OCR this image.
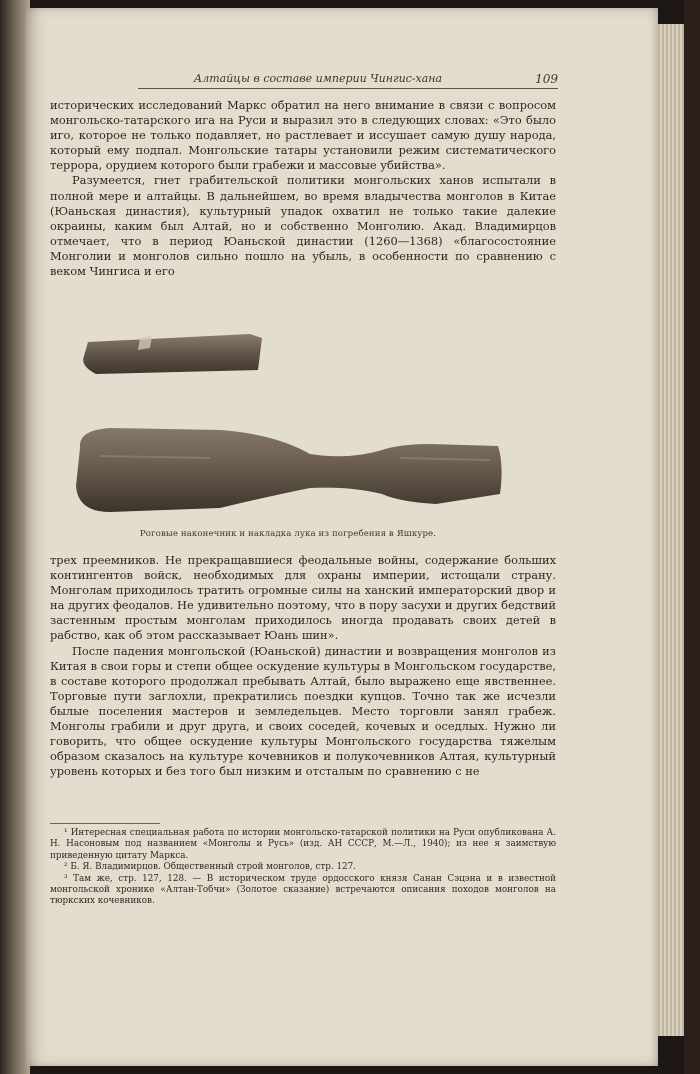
Алтайцы в составе империи Чингис-хана	109

исторических исследований Маркс обратил на него внимание в связи с вопросом монгольско-татарского ига на Руси и выразил это в следующих словах: «Это было иго, которое не только подавляет, но растлевает и иссушает самую душу народа, который ему подпал. Монгольские татары установили режим систематического террора, орудием которого были грабежи и массовые убийства».

Разумеется, гнет грабительской политики монгольских ханов испытали в полной мере и алтайцы. В дальнейшем, во время владычества монголов в Китае (Юаньская династия), культурный упадок охватил не только такие далекие окраины, каким был Алтай, но и собственно Монголию. Акад. Владимирцов отмечает, что в период Юаньской династии (1260—1368) «благосостояние Монголии и монголов сильно пошло на убыль, в особенности по сравнению с веком Чингиса и его

Роговые наконечник и накладка лука из погребения в Яшкуре.

трех преемников. Не прекращавшиеся феодальные войны, содержание больших контингентов войск, необходимых для охраны империи, истощали страну. Монголам приходилось тратить огромные силы на ханский императорский двор и на других феодалов. Не удивительно поэтому, что в пору засухи и других бедствий застенным простым монголам приходилось иногда продавать своих детей в рабство, как об этом рассказывает Юань шин».

После падения монгольской (Юаньской) династии и возвращения монголов из Китая в свои горы и степи общее оскудение культуры в Монгольском государстве, в составе которого продолжал пребывать Алтай, было выражено еще явственнее. Торговые пути заглохли, прекратились поездки купцов. Точно так же исчезли былые поселения мастеров и земледельцев. Место торговли занял грабеж. Монголы грабили и друг друга, и своих соседей, кочевых и оседлых. Нужно ли говорить, что общее оскудение культуры Монгольского государства тяжелым образом сказалось на культуре кочевников и полукочевников Алтая, культурный уровень которых и без того был низким и отсталым по сравнению с не

¹ Интересная специальная работа по истории монгольско-татарской политики на Руси опубликована А. Н. Насоновым под названием «Монголы и Русь» (изд. АН СССР, М.—Л., 1940); из нее я заимствую приведенную цитату Маркса.

² Б. Я. Владимирцов. Общественный строй монголов, стр. 127.

³ Там же, стр. 127, 128. — В историческом труде ордосского князя Санан Сэцэна и в известной монгольской хронике «Алтан-Тобчи» (Золотое сказание) встречаются описания походов монголов на тюркских кочевников.
